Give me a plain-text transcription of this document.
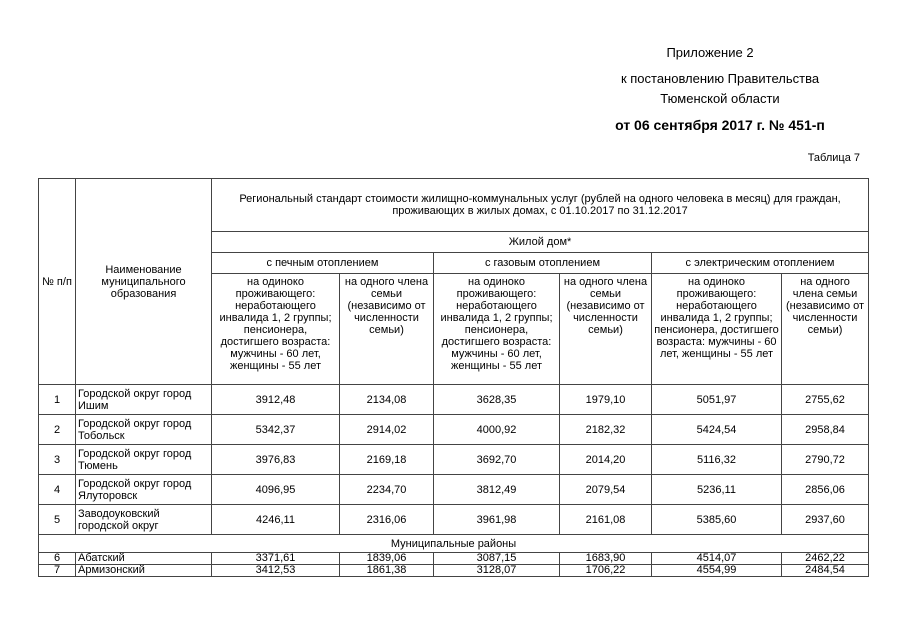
Приложение 2
к постановлению Правительства
Тюменской области
от 06 сентября 2017 г. № 451-п
Таблица 7
№ п/п	Наименование муниципального образования	Региональный стандарт стоимости жилищно-коммунальных услуг (рублей на одного человека в месяц) для граждан, проживающих в жилых домах, с 01.10.2017 по 31.12.2017					
		Жилой дом*					
		с печным отоплением		с газовым отоплением		с электрическим отоплением	
		на одиноко проживающего: неработающего инвалида 1, 2 группы; пенсионера, достигшего возраста: мужчины - 60 лет, женщины - 55 лет	на одного члена семьи (независимо от численности семьи)	на одиноко проживающего: неработающего инвалида 1, 2 группы; пенсионера, достигшего возраста: мужчины - 60 лет, женщины - 55 лет	на одного члена семьи (независимо от численности семьи)	на одиноко проживающего: неработающего инвалида 1, 2 группы; пенсионера, достигшего возраста: мужчины - 60 лет, женщины - 55 лет	на одного члена семьи (независимо от численности семьи)
1	Городской округ город Ишим	3912,48	2134,08	3628,35	1979,10	5051,97	2755,62
2	Городской округ город Тобольск	5342,37	2914,02	4000,92	2182,32	5424,54	2958,84
3	Городской округ город Тюмень	3976,83	2169,18	3692,70	2014,20	5116,32	2790,72
4	Городской округ город Ялуторовск	4096,95	2234,70	3812,49	2079,54	5236,11	2856,06
5	Заводоуковский городской округ	4246,11	2316,06	3961,98	2161,08	5385,60	2937,60
Муниципальные районы							
6	Абатский	3371,61	1839,06	3087,15	1683,90	4514,07	2462,22
7	Армизонский	3412,53	1861,38	3128,07	1706,22	4554,99	2484,54
